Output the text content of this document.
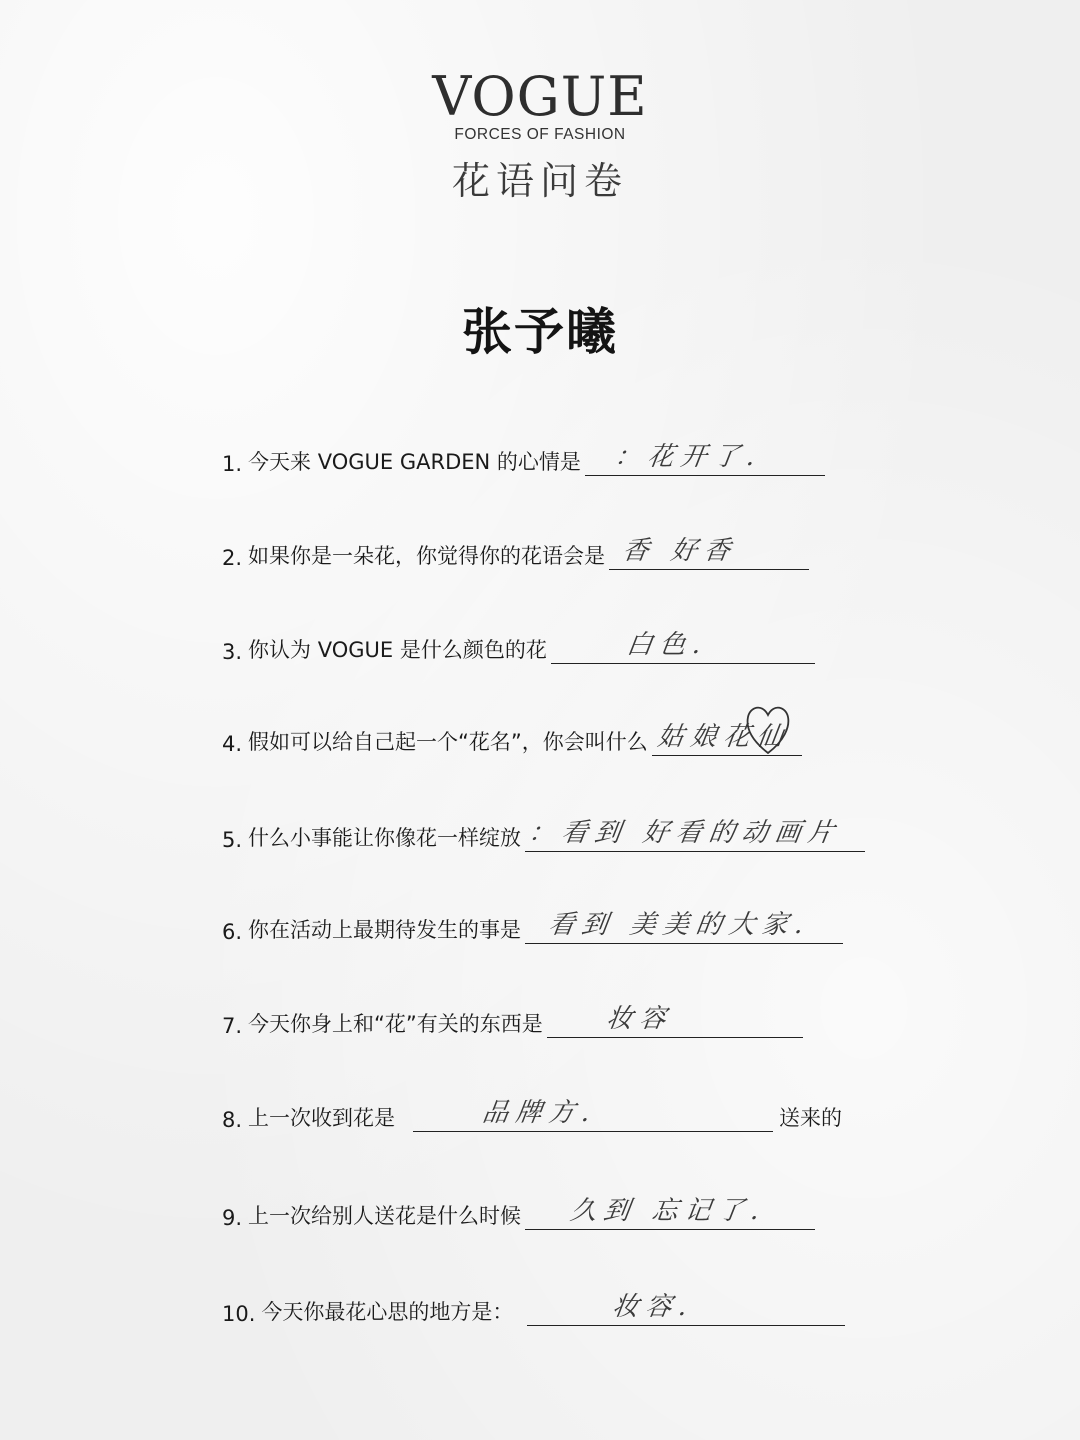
VOGUE
FORCES OF FASHION
花语问卷
张予曦
1. 今天来 VOGUE GARDEN 的心情是 ：花开了.
2. 如果你是一朵花，你觉得你的花语会是 香 好香
3. 你认为 VOGUE 是什么颜色的花	白色.
4. 假如可以给自己起一个“花名”，你会叫什么 姑娘花仙
5. 什么小事能让你像花一样绽放 ：看到 好看的动画片
6. 你在活动上最期待发生的事是 看到 美美的大家.
7. 今天你身上和“花”有关的东西是 妆容
8. 上一次收到花是	品牌方.	送来的
9. 上一次给别人送花是什么时候 久到 忘记了.
10. 今天你最花心思的地方是：	妆容.
